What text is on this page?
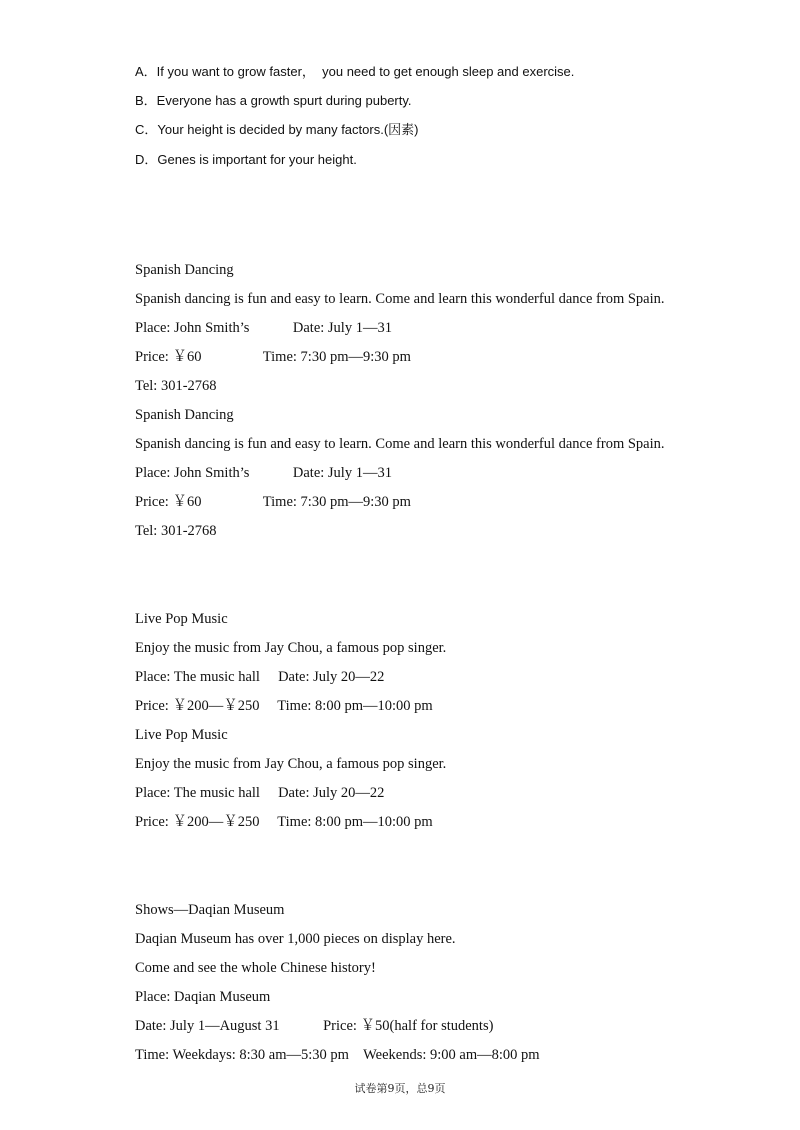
A．If you want to grow faster，  you need to get enough sleep and exercise.
B．Everyone has a growth spurt during puberty.
C．Your height is decided by many factors.(因素)
D．Genes is important for your height.
Spanish Dancing
Spanish dancing is fun and easy to learn. Come and learn this wonderful dance from Spain.
Place: John Smith’s            Date: July 1—31
Price: ￥60                 Time: 7:30 pm—9:30 pm
Tel: 301-2768
Spanish Dancing
Spanish dancing is fun and easy to learn. Come and learn this wonderful dance from Spain.
Place: John Smith’s            Date: July 1—31
Price: ￥60                 Time: 7:30 pm—9:30 pm
Tel: 301-2768
Live Pop Music
Enjoy the music from Jay Chou, a famous pop singer.
Place: The music hall     Date: July 20—22
Price: ￥200—￥250     Time: 8:00 pm—10:00 pm
Live Pop Music
Enjoy the music from Jay Chou, a famous pop singer.
Place: The music hall     Date: July 20—22
Price: ￥200—￥250     Time: 8:00 pm—10:00 pm
Shows—Daqian Museum
Daqian Museum has over 1,000 pieces on display here.
Come and see the whole Chinese history!
Place: Daqian Museum
Date: July 1—August 31            Price: ￥50(half for students)
Time: Weekdays: 8:30 am—5:30 pm    Weekends: 9:00 am—8:00 pm
试卷第9页，总9页
